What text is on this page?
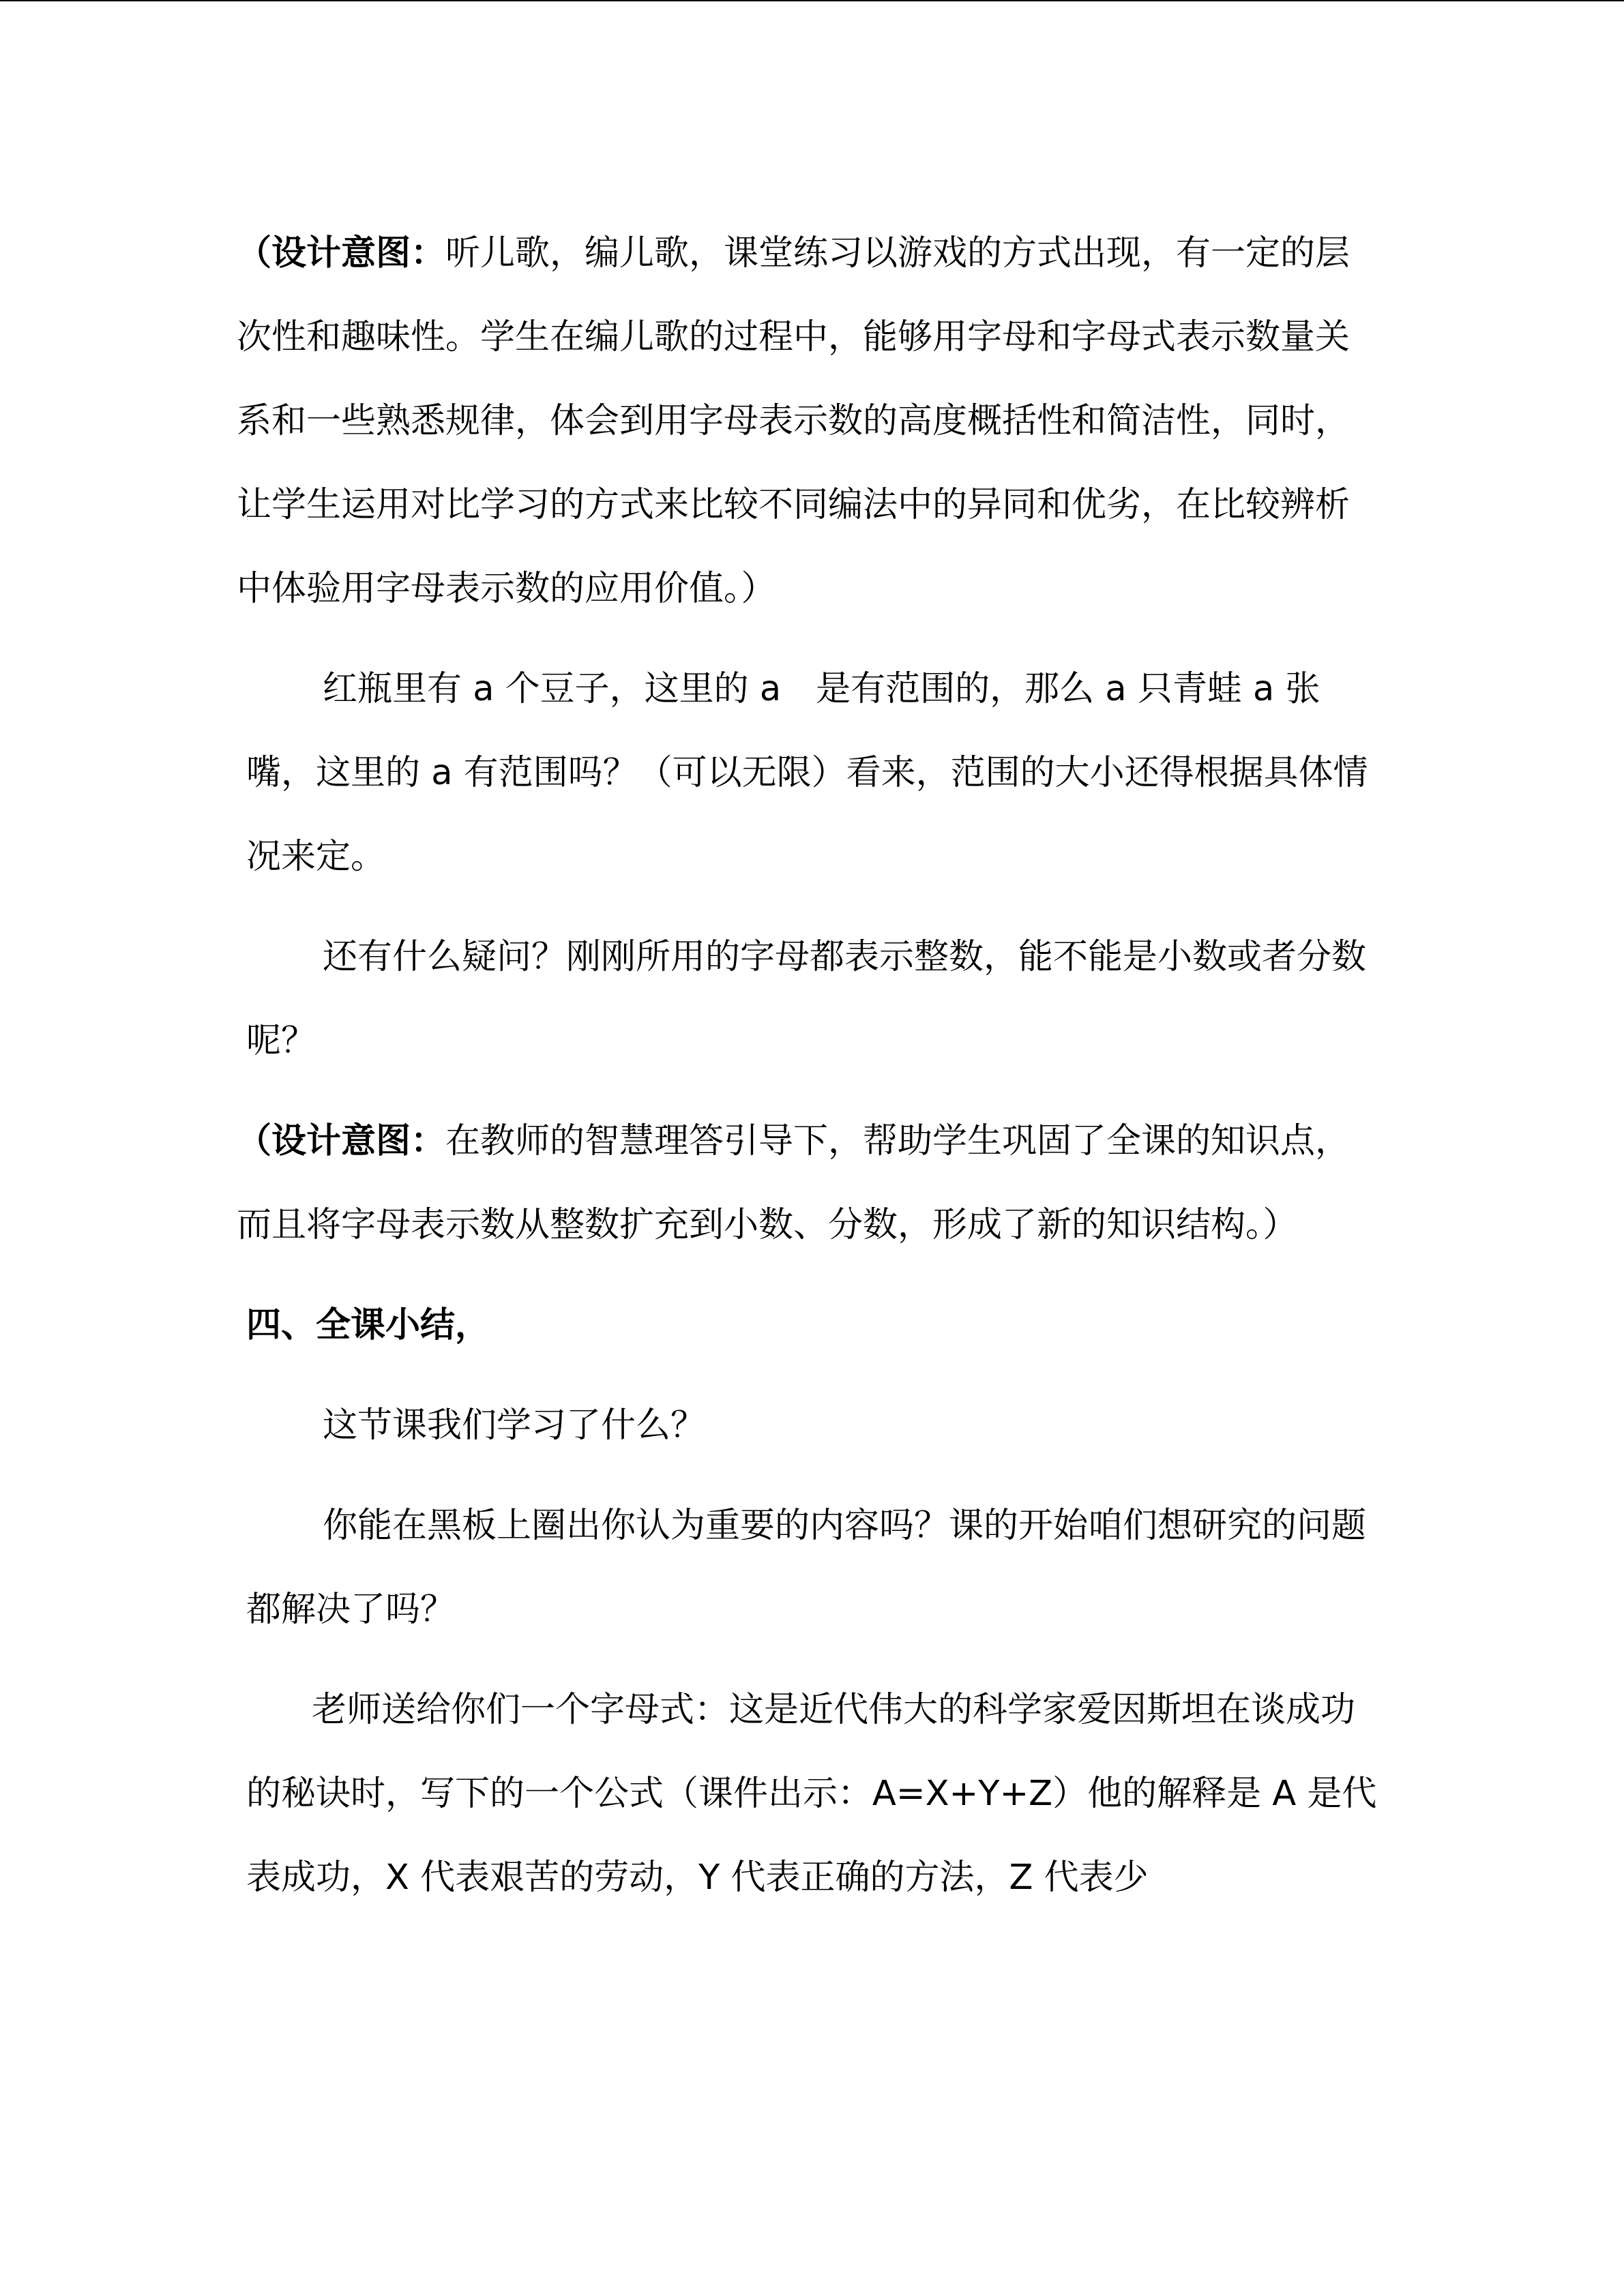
（设计意图：听儿歌，编儿歌，课堂练习以游戏的方式出现，有一定的层次性和趣味性。学生在编儿歌的过程中，能够用字母和字母式表示数量关系和一些熟悉规律，体会到用字母表示数的高度概括性和简洁性，同时，让学生运用对比学习的方式来比较不同编法中的异同和优劣，在比较辨析中体验用字母表示数的应用价值。）

红瓶里有 a 个豆子，这里的 a　是有范围的，那么 a 只青蛙 a 张嘴，这里的 a 有范围吗？（可以无限）看来，范围的大小还得根据具体情况来定。

还有什么疑问？刚刚所用的字母都表示整数，能不能是小数或者分数呢？

（设计意图：在教师的智慧理答引导下，帮助学生巩固了全课的知识点，而且将字母表示数从整数扩充到小数、分数，形成了新的知识结构。）

四、全课小结，

这节课我们学习了什么？

你能在黑板上圈出你认为重要的内容吗？课的开始咱们想研究的问题都解决了吗？

老师送给你们一个字母式：这是近代伟大的科学家爱因斯坦在谈成功的秘诀时，写下的一个公式（课件出示：A=X+Y+Z）他的解释是 A 是代表成功，X 代表艰苦的劳动，Y 代表正确的方法，Z 代表少
